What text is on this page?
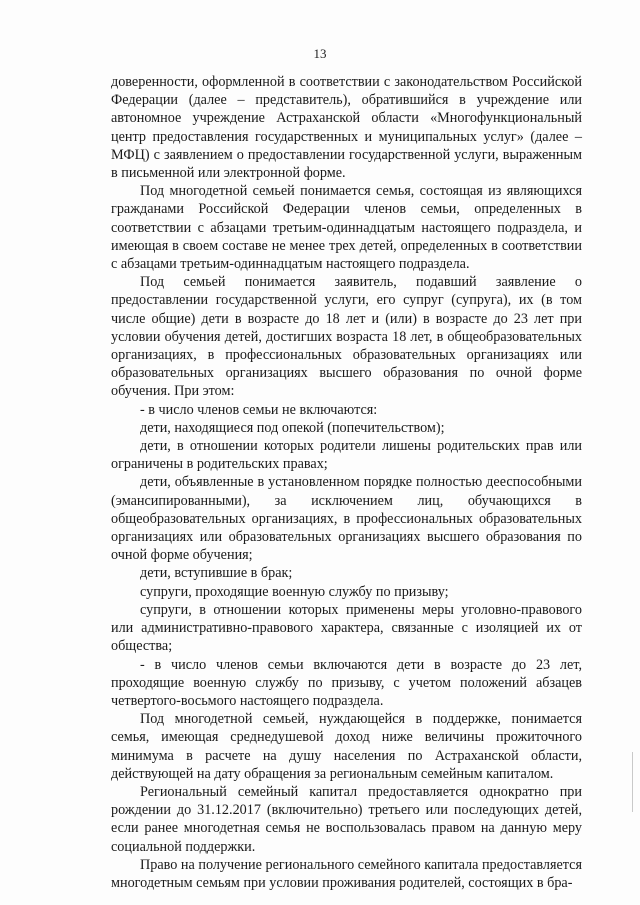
13

доверенности, оформленной в соответствии с законодательством Российской Федерации (далее – представитель), обратившийся в учреждение или автономное учреждение Астраханской области «Многофункциональный центр предоставления государственных и муниципальных услуг» (далее – МФЦ) с заявлением о предоставлении государственной услуги, выраженным в письменной или электронной форме.

Под многодетной семьей понимается семья, состоящая из являющихся гражданами Российской Федерации членов семьи, определенных в соответствии с абзацами третьим-одиннадцатым настоящего подраздела, и имеющая в своем составе не менее трех детей, определенных в соответствии с абзацами третьим-одиннадцатым настоящего подраздела.

Под семьей понимается заявитель, подавший заявление о предоставлении государственной услуги, его супруг (супруга), их (в том числе общие) дети в возрасте до 18 лет и (или) в возрасте до 23 лет при условии обучения детей, достигших возраста 18 лет, в общеобразовательных организациях, в профессиональных образовательных организациях или образовательных организациях высшего образования по очной форме обучения. При этом:

- в число членов семьи не включаются:

дети, находящиеся под опекой (попечительством);

дети, в отношении которых родители лишены родительских прав или ограничены в родительских правах;

дети, объявленные в установленном порядке полностью дееспособными (эмансипированными), за исключением лиц, обучающихся в общеобразовательных организациях, в профессиональных образовательных организациях или образовательных организациях высшего образования по очной форме обучения;

дети, вступившие в брак;

супруги, проходящие военную службу по призыву;

супруги, в отношении которых применены меры уголовно-правового или административно-правового характера, связанные с изоляцией их от общества;

- в число членов семьи включаются дети в возрасте до 23 лет, проходящие военную службу по призыву, с учетом положений абзацев четвертого-восьмого настоящего подраздела.

Под многодетной семьей, нуждающейся в поддержке, понимается семья, имеющая среднедушевой доход ниже величины прожиточного минимума в расчете на душу населения по Астраханской области, действующей на дату обращения за региональным семейным капиталом.

Региональный семейный капитал предоставляется однократно при рождении до 31.12.2017 (включительно) третьего или последующих детей, если ранее многодетная семья не воспользовалась правом на данную меру социальной поддержки.

Право на получение регионального семейного капитала предоставляется многодетным семьям при условии проживания родителей, состоящих в бра-
